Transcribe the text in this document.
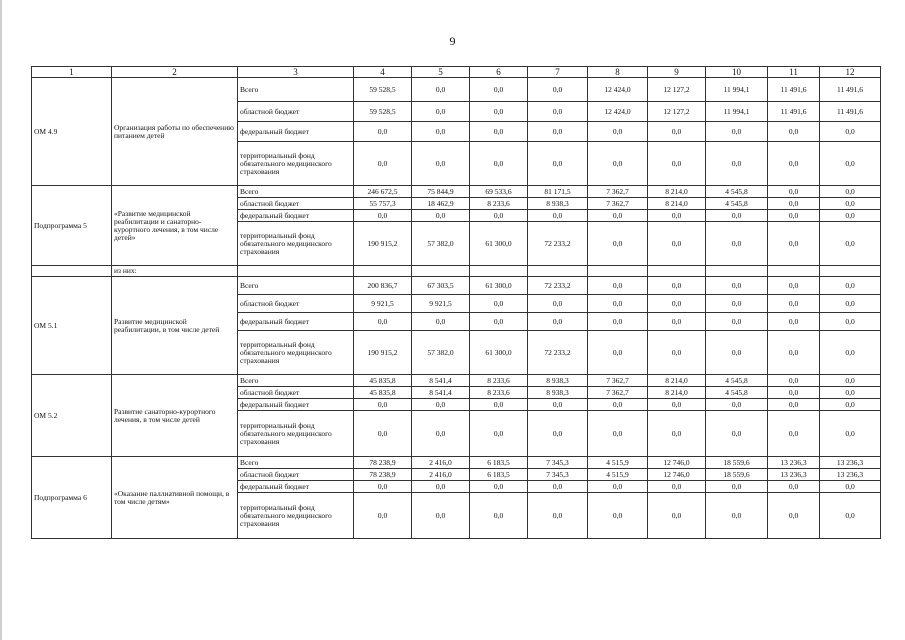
9
1	2	3	4	5	6	7	8	9	10	11	12
ОМ 4.9	Организация работы по обеспечению питанием детей	Всего	59 528,5	0,0	0,0	0,0	12 424,0	12 127,2	11 994,1	11 491,6	11 491,6
		областной бюджет	59 528,5	0,0	0,0	0,0	12 424,0	12 127,2	11 994,1	11 491,6	11 491,6
		федеральный бюджет	0,0	0,0	0,0	0,0	0,0	0,0	0,0	0,0	0,0
		территориальный фонд обязательного медицинского страхования	0,0	0,0	0,0	0,0	0,0	0,0	0,0	0,0	0,0
Подпрограмма 5	«Развитие медицинской реабилитации и санаторно-курортного лечения, в том числе детей»	Всего	246 672,5	75 844,9	69 533,6	81 171,5	7 362,7	8 214,0	4 545,8	0,0	0,0
		областной бюджет	55 757,3	18 462,9	8 233,6	8 938,3	7 362,7	8 214,0	4 545,8	0,0	0,0
		федеральный бюджет	0,0	0,0	0,0	0,0	0,0	0,0	0,0	0,0	0,0
		территориальный фонд обязательного медицинского страхования	190 915,2	57 382,0	61 300,0	72 233,2	0,0	0,0	0,0	0,0	0,0
	из них:										
ОМ 5.1	Развитие медицинской реабилитации, в том числе детей	Всего	200 836,7	67 303,5	61 300,0	72 233,2	0,0	0,0	0,0	0,0	0,0
		областной бюджет	9 921,5	9 921,5	0,0	0,0	0,0	0,0	0,0	0,0	0,0
		федеральный бюджет	0,0	0,0	0,0	0,0	0,0	0,0	0,0	0,0	0,0
		территориальный фонд обязательного медицинского страхования	190 915,2	57 382,0	61 300,0	72 233,2	0,0	0,0	0,0	0,0	0,0
ОМ 5.2	Развитие санаторно-курортного лечения, в том числе детей	Всего	45 835,8	8 541,4	8 233,6	8 938,3	7 362,7	8 214,0	4 545,8	0,0	0,0
		областной бюджет	45 835,8	8 541,4	8 233,6	8 938,3	7 362,7	8 214,0	4 545,8	0,0	0,0
		федеральный бюджет	0,0	0,0	0,0	0,0	0,0	0,0	0,0	0,0	0,0
		территориальный фонд обязательного медицинского страхования	0,0	0,0	0,0	0,0	0,0	0,0	0,0	0,0	0,0
Подпрограмма 6	«Оказание паллиативной помощи, в том числе детям»	Всего	78 238,9	2 416,0	6 183,5	7 345,3	4 515,9	12 746,0	18 559,6	13 236,3	13 236,3
		областной бюджет	78 238,9	2 416,0	6 183,5	7 345,3	4 515,9	12 746,0	18 559,6	13 236,3	13 236,3
		федеральный бюджет	0,0	0,0	0,0	0,0	0,0	0,0	0,0	0,0	0,0
		территориальный фонд обязательного медицинского страхования	0,0	0,0	0,0	0,0	0,0	0,0	0,0	0,0	0,0
